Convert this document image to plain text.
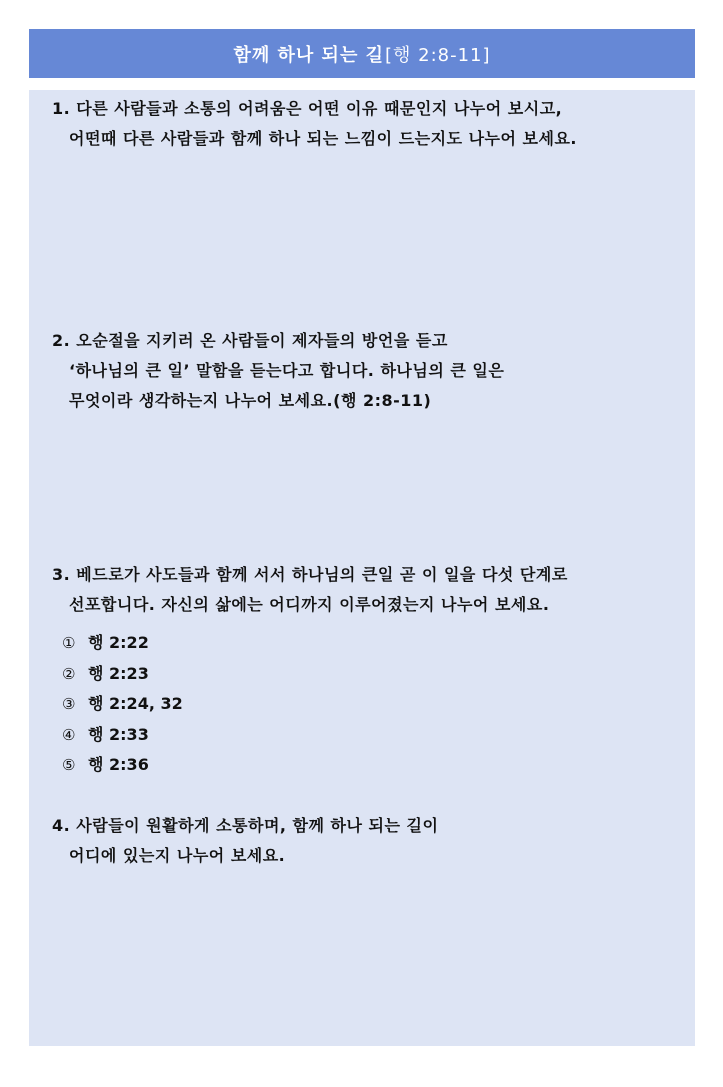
함께 하나 되는 길 [행 2:8-11]
1. 다른 사람들과 소통의 어려움은 어떤 이유 때문인지 나누어 보시고,
어떤때 다른 사람들과 함께 하나 되는 느낌이 드는지도 나누어 보세요.
2. 오순절을 지키러 온 사람들이 제자들의 방언을 듣고
‘하나님의 큰 일’ 말함을 듣는다고 합니다. 하나님의 큰 일은
무엇이라 생각하는지 나누어 보세요.(행 2:8-11)
3. 베드로가 사도들과 함께 서서 하나님의 큰일 곧 이 일을 다섯 단계로
선포합니다. 자신의 삶에는 어디까지 이루어졌는지 나누어 보세요.
① 행 2:22
② 행 2:23
③ 행 2:24, 32
④ 행 2:33
⑤ 행 2:36
4. 사람들이 원활하게 소통하며, 함께 하나 되는 길이
어디에 있는지 나누어 보세요.
